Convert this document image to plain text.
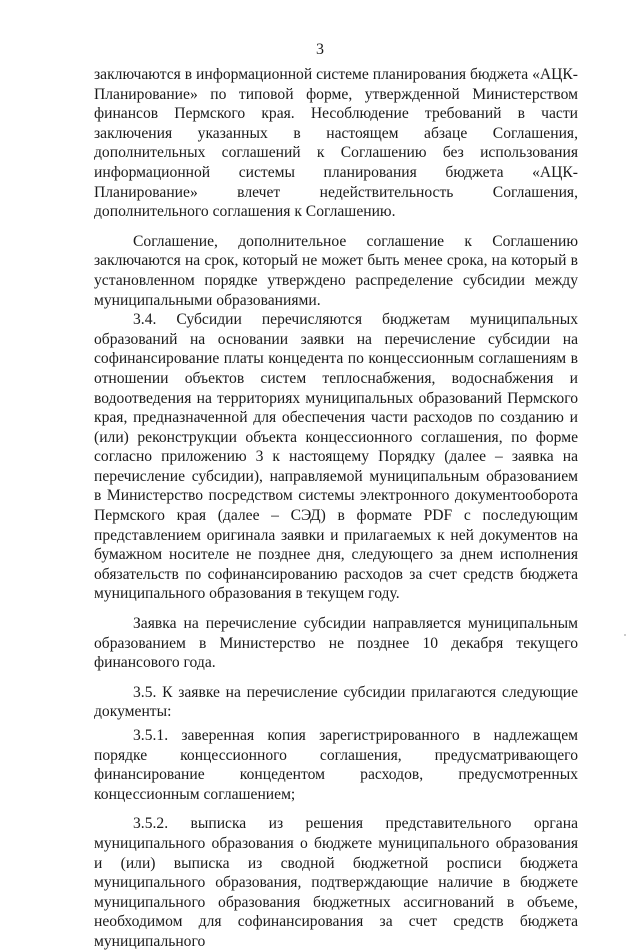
3

заключаются в информационной системе планирования бюджета «АЦК-Планирование» по типовой форме, утвержденной Министерством финансов Пермского края. Несоблюдение требований в части заключения указанных в настоящем абзаце Соглашения, дополнительных соглашений к Соглашению без использования информационной системы планирования бюджета «АЦК-Планирование» влечет недействительность Соглашения, дополнительного соглашения к Соглашению.

Соглашение, дополнительное соглашение к Соглашению заключаются на срок, который не может быть менее срока, на который в установленном порядке утверждено распределение субсидии между муниципальными образованиями.

3.4. Субсидии перечисляются бюджетам муниципальных образований на основании заявки на перечисление субсидии на софинансирование платы концедента по концессионным соглашениям в отношении объектов систем теплоснабжения, водоснабжения и водоотведения на территориях муниципальных образований Пермского края, предназначенной для обеспечения части расходов по созданию и (или) реконструкции объекта концессионного соглашения, по форме согласно приложению 3 к настоящему Порядку (далее – заявка на перечисление субсидии), направляемой муниципальным образованием в Министерство посредством системы электронного документооборота Пермского края (далее – СЭД) в формате PDF с последующим представлением оригинала заявки и прилагаемых к ней документов на бумажном носителе не позднее дня, следующего за днем исполнения обязательств по софинансированию расходов за счет средств бюджета муниципального образования в текущем году.

Заявка на перечисление субсидии направляется муниципальным образованием в Министерство не позднее 10 декабря текущего финансового года.

3.5. К заявке на перечисление субсидии прилагаются следующие документы:

3.5.1. заверенная копия зарегистрированного в надлежащем порядке концессионного соглашения, предусматривающего финансирование концедентом расходов, предусмотренных концессионным соглашением;

3.5.2. выписка из решения представительного органа муниципального образования о бюджете муниципального образования и (или) выписка из сводной бюджетной росписи бюджета муниципального образования, подтверждающие наличие в бюджете муниципального образования бюджетных ассигнований в объеме, необходимом для софинансирования за счет средств бюджета муниципального
